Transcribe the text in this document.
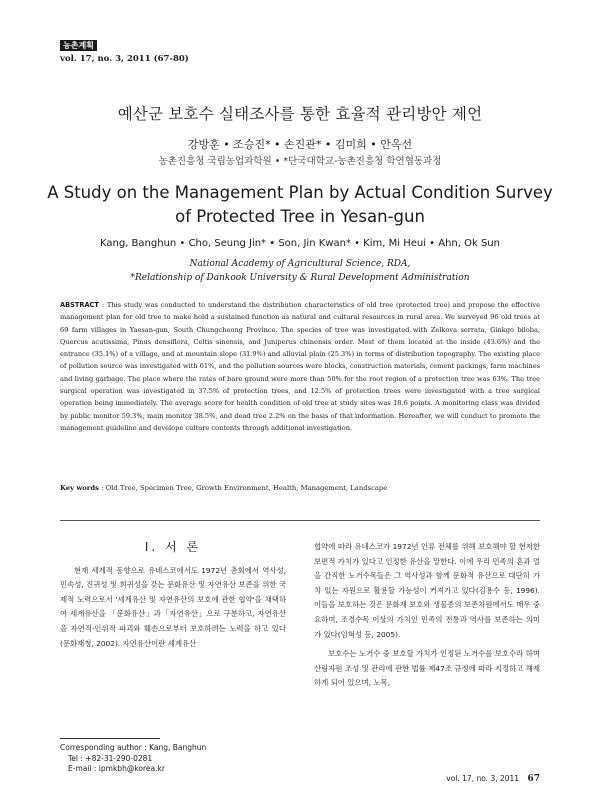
농촌계획
vol. 17, no. 3, 2011 (67-80)
예산군 보호수 실태조사를 통한 효율적 관리방안 제언
강방훈 • 조승진* • 손진관* • 김미희 • 안옥선
농촌진흥청 국립농업과학원 • *단국대학교-농촌진흥청 학연협동과정
A Study on the Management Plan by Actual Condition Survey
of Protected Tree in Yesan-gun
Kang, Banghun • Cho, Seung Jin* • Son, Jin Kwan* • Kim, Mi Heui • Ahn, Ok Sun
National Academy of Agricultural Science, RDA,
*Relationship of Dankook University & Rural Development Administration
ABSTRACT : This study was conducted to understand the distribution characteristics of old tree (protected tree) and propose the effective management plan for old tree to make hold a sustained function as natural and cultural resources in rural area. We surveyed 96 old trees at 69 farm villages in Yaesan-gun, South Chungcheong Province. The species of tree was investigated with Zelkova serrata, Ginkgo biloba, Quercus acutissima, Pinus densiflora, Celtis sinensis, and Juniperus chinensis order. Most of them located at the inside (43.6%) and the entrance (35.1%) of a village, and at mountain slope (31.9%) and alluvial plain (25.3%) in terms of distribution topography. The existing place of pollution source was investigated with 61%, and the pollution sources were blocks, construction materials, cement packings, farm machines and living garbage. The place where the rates of bare ground were more than 50% for the root region of a protection tree was 63%. The tree surgical operation was investigated in 37.5% of protection trees, and 12.5% of protection trees were investigated with a tree surgical operation being immediately. The average score for health condition of old tree at study sites was 18.6 points. A monitoring class was divided by public monitor 59.3%, main monitor 38.5%, and dead tree 2.2% on the basis of that information. Hereafter, we will conduct to promote the management guideline and develope culture contents through additional investigation.
Key words : Old Tree, Specimen Tree, Growth Environment, Health, Management, Landscape
Ⅰ. 서 론

현재 세계적 동향으로 유네스코에서도 1972년 총회에서 역사성, 민속성, 진귀성 및 희귀성을 갖는 문화유산 및 자연유산 보존을 위한 국제적 노력으로서 '세계유산 및 자연유산의 보호에 관한 협약'을 채택하여 세계유산을 「문화유산」과「자연유산」으로 구분하고, 자연유산을 자연적·인위적 파괴와 훼손으로부터 보호하려는 노력을 하고 있다(문화재청, 2002). 자연유산이란 세계유산

협약에 따라 유네스코가 1972년 인류 전체를 위해 보호해야 할 현저한 보편적 가치가 있다고 인정한 유산을 말한다. 이에 우리 민족의 혼과 얼을 간직한 노거수목들은 그 역사성과 함께 문화적 유산으로 대단히 가치 있는 자원으로 활용할 가능성이 커져가고 있다(김용수 등, 1996). 이들을 보호하는 것은 문화재 보호와 생물종의 보존차원에서도 매우 중요하며, 조경수목 이상의 가치인 민족의 전통과 역사를 보존하는 의미가 있다(임혁성 등, 2005).

보호수는 노거수 중 보호할 가치가 인정된 노거수를 보호수라 하며 산림자원 조성 및 관리에 관한 법률 제47조 규정에 따라 지정하고 해제하게 되어 있으며, 노목,

Corresponding author : Kang, Banghun
Tel : +82-31-290-0281
E-mail : ipmkbh@korea.kr
vol. 17, no. 3, 2011 67
